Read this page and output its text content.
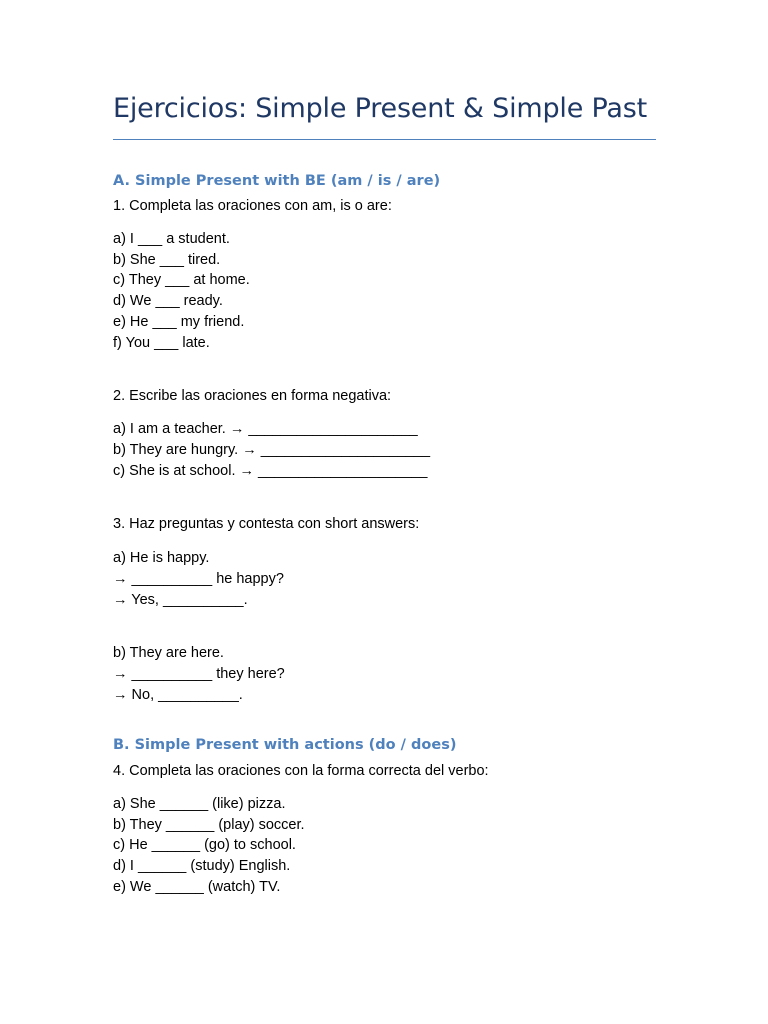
Ejercicios: Simple Present & Simple Past
A. Simple Present with BE (am / is / are)
1. Completa las oraciones con am, is o are:
a) I ___ a student.
b) She ___ tired.
c) They ___ at home.
d) We ___ ready.
e) He ___ my friend.
f) You ___ late.
2. Escribe las oraciones en forma negativa:
a) I am a teacher. → _____________________
b) They are hungry. → _____________________
c) She is at school. → _____________________
3. Haz preguntas y contesta con short answers:
a) He is happy.
→ __________ he happy?
→ Yes, __________.
b) They are here.
→ __________ they here?
→ No, __________.
B. Simple Present with actions (do / does)
4. Completa las oraciones con la forma correcta del verbo:
a) She ______ (like) pizza.
b) They ______ (play) soccer.
c) He ______ (go) to school.
d) I ______ (study) English.
e) We ______ (watch) TV.
